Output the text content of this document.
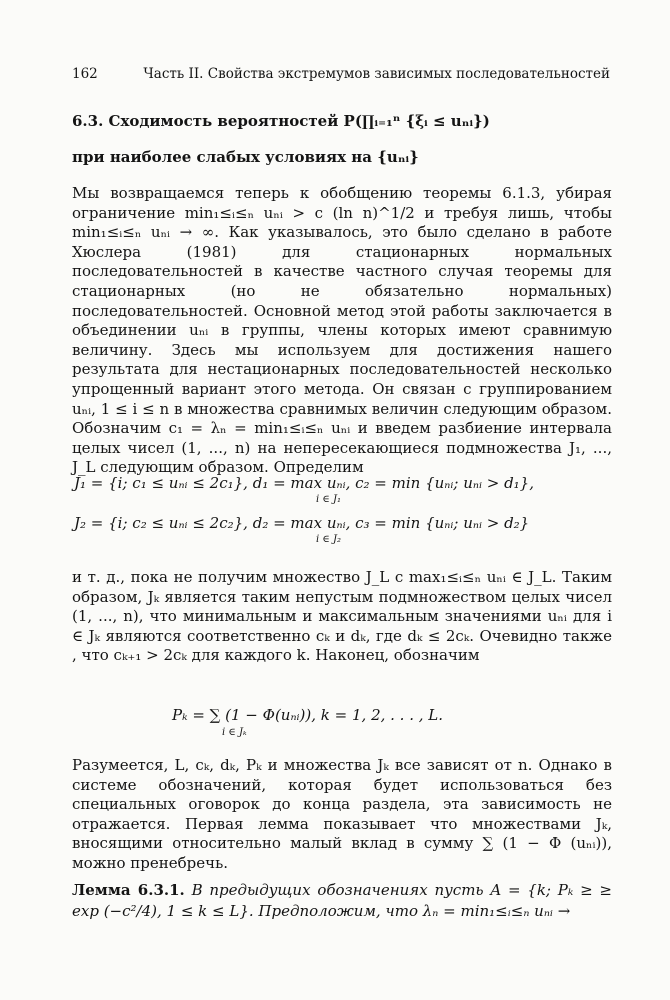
162	Часть II. Свойства экстремумов зависимых последовательностей
6.3. Сходимость вероятностей P(∏ᵢ₌₁ⁿ {ξᵢ ≤ uₙᵢ})
при наиболее слабых условиях на {uₙᵢ}
Мы возвращаемся теперь к обобщению теоремы 6.1.3, убирая ограничение min₁≤ᵢ≤ₙ uₙᵢ > c (ln n)^1/2 и требуя лишь, чтобы min₁≤ᵢ≤ₙ uₙᵢ → ∞. Как указывалось, это было сделано в работе Хюслера (1981) для стационарных нормальных последовательностей в качестве частного случая теоремы для стационарных (но не обязательно нормальных) последовательностей. Основной метод этой работы заключается в объединении uₙᵢ в группы, члены которых имеют сравнимую величину. Здесь мы используем для достижения нашего результата для нестационарных последовательностей несколько упрощенный вариант этого метода. Он связан с группированием uₙᵢ, 1 ≤ i ≤ n в множества сравнимых величин следующим образом. Обозначим c₁ = λₙ = min₁≤ᵢ≤ₙ uₙᵢ и введем разбиение интервала целых чисел (1, ..., n) на непересекающиеся подмножества J₁, ..., J_L следующим образом. Определим
J₁ = {i; c₁ ≤ uₙᵢ ≤ 2c₁}, d₁ = max uₙᵢ, c₂ = min {uₙᵢ; uₙᵢ > d₁},
i ∈ J₁
J₂ = {i; c₂ ≤ uₙᵢ ≤ 2c₂}, d₂ = max uₙᵢ, c₃ = min {uₙᵢ; uₙᵢ > d₂}
i ∈ J₂
и т. д., пока не получим множество J_L c max₁≤ᵢ≤ₙ uₙᵢ ∈ J_L. Таким образом, Jₖ является таким непустым подмножеством целых чисел (1, ..., n), что минимальным и максимальным значениями uₙᵢ для i ∈ Jₖ являются соответственно cₖ и dₖ, где dₖ ≤ 2cₖ. Очевидно также , что cₖ₊₁ > 2cₖ для каждого k. Наконец, обозначим
Pₖ = ∑ (1 − Φ(uₙᵢ)), k = 1, 2, . . . , L.
i ∈ Jₖ
Разумеется, L, cₖ, dₖ, Pₖ и множества Jₖ все зависят от n. Однако в системе обозначений, которая будет использоваться без специальных оговорок до конца раздела, эта зависимость не отражается. Первая лемма показывает что множествами Jₖ, вносящими относительно малый вклад в сумму ∑ (1 − Φ (uₙᵢ)), можно пренебречь.
Лемма 6.3.1. В предыдущих обозначениях пусть A = {k; Pₖ ≥ ≥ exp (−c²/4), 1 ≤ k ≤ L}. Предположим, что λₙ = min₁≤ᵢ≤ₙ uₙᵢ →
